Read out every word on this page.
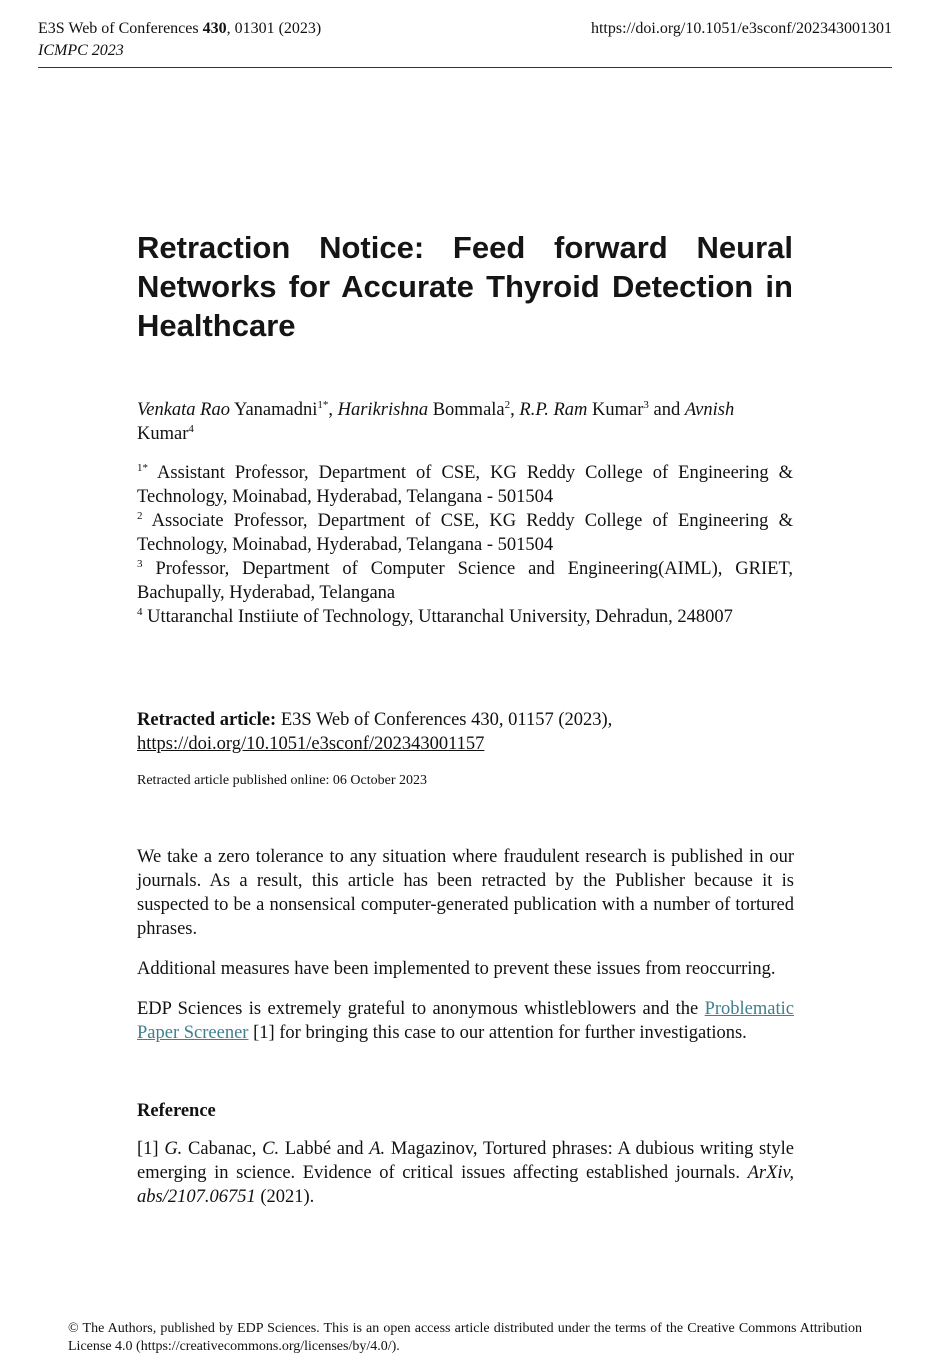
E3S Web of Conferences 430, 01301 (2023)
ICMPC 2023
https://doi.org/10.1051/e3sconf/202343001301
Retraction Notice: Feed forward Neural Networks for Accurate Thyroid Detection in Healthcare
Venkata Rao Yanamadni$^{1*}$, Harikrishna Bommala$^2$, R.P. Ram Kumar$^3$ and Avnish
Kumar$^4$

$^{1*}$ Assistant Professor, Department of CSE, KG Reddy College of Engineering & Technology, Moinabad, Hyderabad, Telangana - 501504

$^2$ Associate Professor, Department of CSE, KG Reddy College of Engineering & Technology, Moinabad, Hyderabad, Telangana - 501504

$^3$ Professor, Department of Computer Science and Engineering(AIML), GRIET, Bachupally, Hyderabad, Telangana

$^4$ Uttaranchal Instiiute of Technology, Uttaranchal University, Dehradun, 248007

Retracted article: E3S Web of Conferences 430, 01157 (2023),
https://doi.org/10.1051/e3sconf/202343001157
Retracted article published online: 06 October 2023

We take a zero tolerance to any situation where fraudulent research is published in our journals. As a result, this article has been retracted by the Publisher because it is suspected to be a nonsensical computer-generated publication with a number of tortured phrases.

Additional measures have been implemented to prevent these issues from reoccurring.

EDP Sciences is extremely grateful to anonymous whistleblowers and the Problematic Paper Screener [1] for bringing this case to our attention for further investigations.

Reference
[1] G. Cabanac, C. Labbé and A. Magazinov, Tortured phrases: A dubious writing style emerging in science. Evidence of critical issues affecting established journals. ArXiv, abs/2107.06751 (2021).
© The Authors, published by EDP Sciences. This is an open access article distributed under the terms of the Creative Commons Attribution License 4.0 (https://creativecommons.org/licenses/by/4.0/).
